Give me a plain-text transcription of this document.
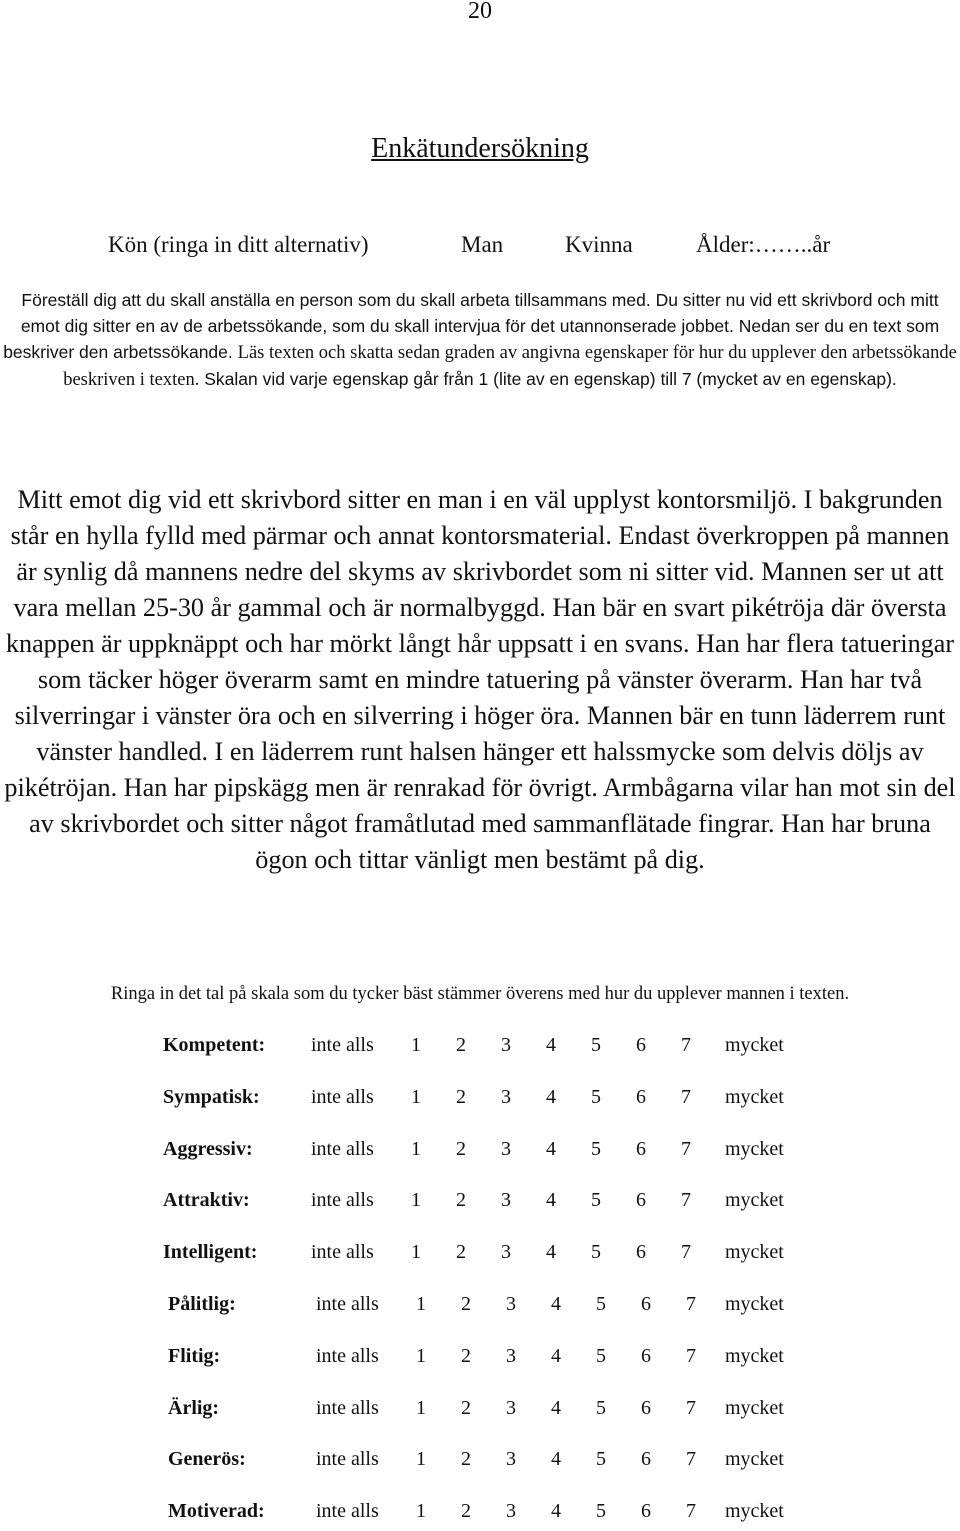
20
Enkätundersökning
Kön (ringa in ditt alternativ)	Man	Kvinna	Ålder:……..år
Föreställ dig att du skall anställa en person som du skall arbeta tillsammans med. Du sitter nu vid ett skrivbord och mitt emot dig sitter en av de arbetssökande, som du skall intervjua för det utannonserade jobbet. Nedan ser du en text som beskriver den arbetssökande. Läs texten och skatta sedan graden av angivna egenskaper för hur du upplever den arbetssökande beskriven i texten. Skalan vid varje egenskap går från 1 (lite av en egenskap) till 7 (mycket av en egenskap).
Mitt emot dig vid ett skrivbord sitter en man i en väl upplyst kontorsmiljö. I bakgrunden står en hylla fylld med pärmar och annat kontorsmaterial. Endast överkroppen på mannen är synlig då mannens nedre del skyms av skrivbordet som ni sitter vid. Mannen ser ut att vara mellan 25-30 år gammal och är normalbyggd. Han bär en svart pikétröja där översta knappen är uppknäppt och har mörkt långt hår uppsatt i en svans. Han har flera tatueringar som täcker höger överarm samt en mindre tatuering på vänster överarm. Han har två silverringar i vänster öra och en silverring i höger öra. Mannen bär en tunn läderrem runt vänster handled. I en läderrem runt halsen hänger ett halssmycke som delvis döljs av pikétröjan. Han har pipskägg men är renrakad för övrigt. Armbågarna vilar han mot sin del av skrivbordet och sitter något framåtlutad med sammanflätade fingrar. Han har bruna ögon och tittar vänligt men bestämt på dig.
Ringa in det tal på skala som du tycker bäst stämmer överens med hur du upplever mannen i texten.
Kompetent: inte alls 1 2 3 4 5 6 7 mycket
Sympatisk:	inte alls 1 2 3 4 5 6 7 mycket
Aggressiv:	inte alls 1 2 3 4 5 6 7 mycket
Attraktiv:	inte alls 1 2 3 4 5 6 7 mycket
Intelligent:	inte alls 1 2 3 4 5 6 7 mycket
Pålitlig:	inte alls 1 2 3 4 5 6 7 mycket
Flitig:	inte alls 1 2 3 4 5 6 7 mycket
Ärlig:	inte alls 1 2 3 4 5 6 7 mycket
Generös:	inte alls 1 2 3 4 5 6 7 mycket
Motiverad:	inte alls 1 2 3 4 5 6 7 mycket
